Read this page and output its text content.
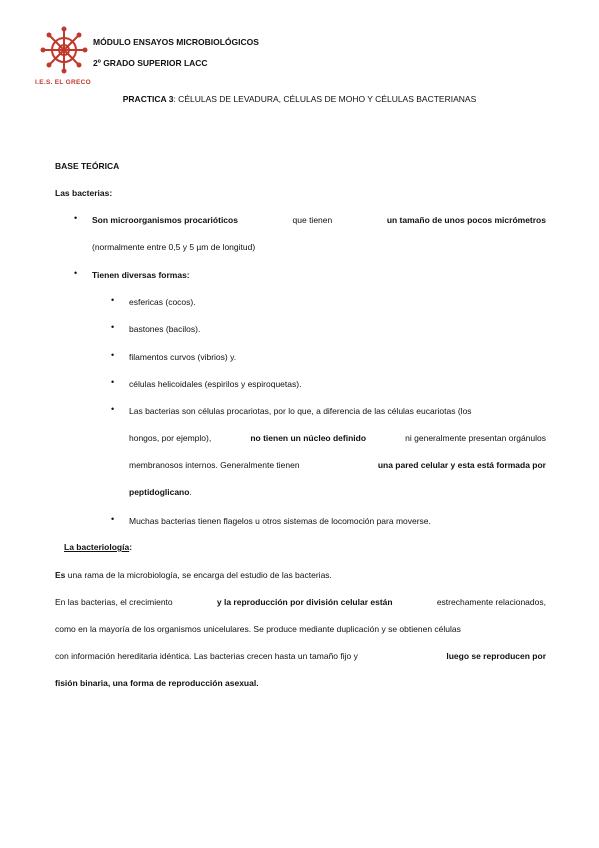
I.E.S. EL GRECO
MÓDULO ENSAYOS MICROBIOLÓGICOS
2º GRADO SUPERIOR LACC
PRACTICA 3: CÉLULAS DE LEVADURA, CÉLULAS DE MOHO Y CÉLULAS BACTERIANAS
BASE TEÓRICA
Las bacterias:
• Son microorganismos procarióticos	que tienen	un tamaño de unos pocos micrómetros
(normalmente entre 0,5 y 5 µm de longitud)
• Tienen diversas formas:
• esfericas (cocos).
• bastones (bacilos).
• filamentos curvos (vibrios) y.
• células helicoidales (espirilos y espiroquetas).
• Las bacterias son células procariotas, por lo que, a diferencia de las células eucariotas (los
hongos, por ejemplo),	no tienen un núcleo definido	ni generalmente presentan orgánulos
membranosos internos. Generalmente tienen	una pared celular y esta está formada por
peptidoglicano.
• Muchas bacterias tienen flagelos u otros sistemas de locomoción para moverse.
La bacteriología:
Es una rama de la microbiología, se encarga del estudio de las bacterias.
En las bacterias, el crecimiento	y la reproducción por división celular están	estrechamente relacionados,
como en la mayoría de los organismos unicelulares. Se produce mediante duplicación y se obtienen células
con información hereditaria idéntica. Las bacterias crecen hasta un tamaño fijo y	luego se reproducen por
fisión binaria, una forma de reproducción asexual.
